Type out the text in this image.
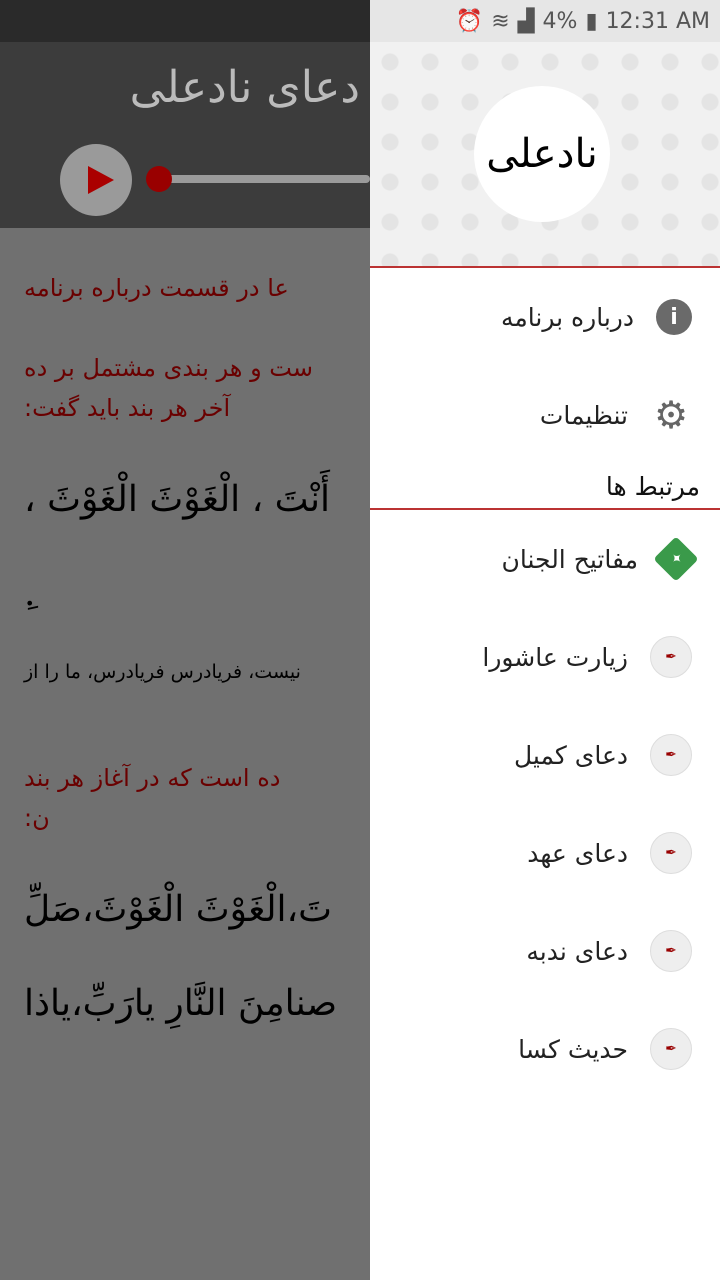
دعای نادعلی
عا در قسمت درباره برنامه
ست و هر بندی مشتمل بر ده
آخر هر بند باید گفت:
أَنْتَ ، الْغَوْثَ الْغَوْثَ ،
ِ.
نیست، فریادرس فریادرس، ما را از
ده است که در آغاز هر بند
ن:
تَ،الْغَوْثَ الْغَوْثَ،صَلِّ
صنامِنَ النَّارِ يارَبِّ،ياذا
⏰ ≋ ▟ 4% ▮ 12:31 AM
نادعلی
درباره برنامه	i
تنظیمات ⚙
مرتبط ها
مفاتیح الجنان	✦
زیارت عاشورا	✒
دعای کمیل	✒
دعای عهد	✒
دعای ندبه	✒
حدیث کسا	✒
